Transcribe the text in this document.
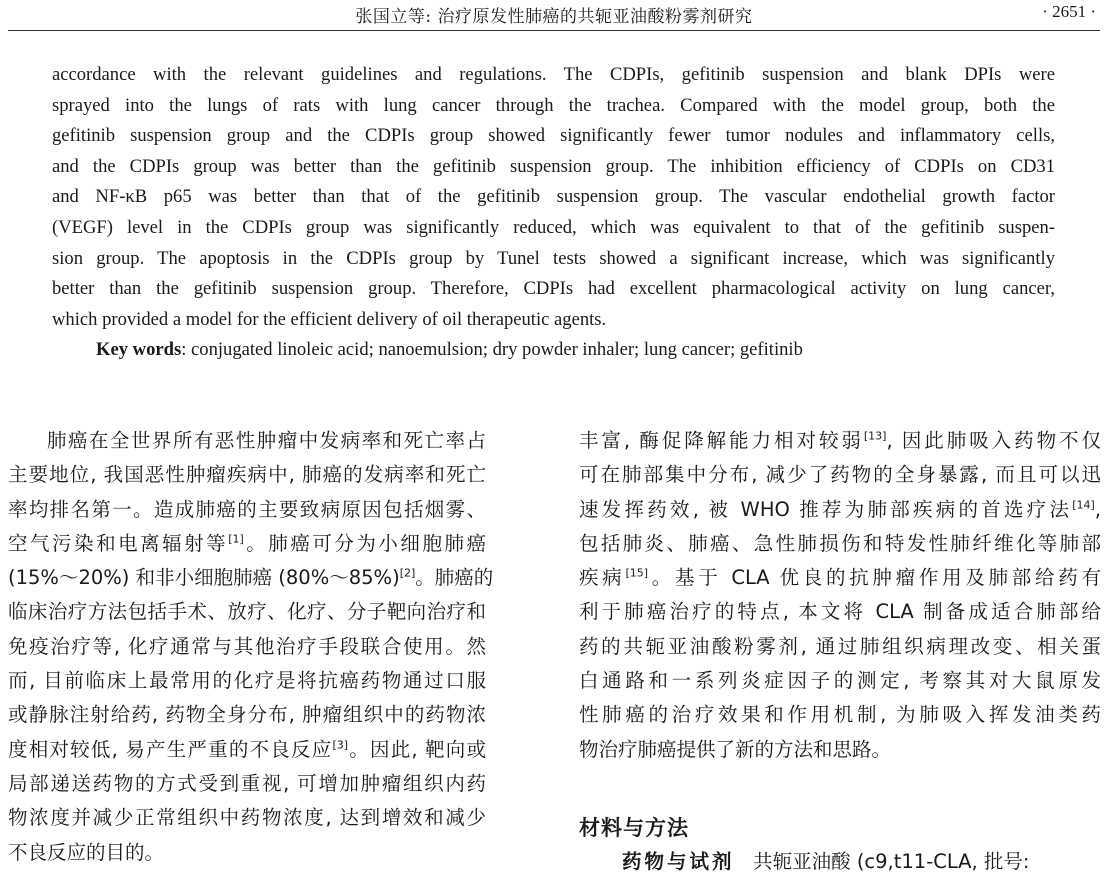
张国立等: 治疗原发性肺癌的共轭亚油酸粉雾剂研究	· 2651 ·
accordance with the relevant guidelines and regulations. The CDPIs, gefitinib suspension and blank DPIs were
sprayed into the lungs of rats with lung cancer through the trachea. Compared with the model group, both the
gefitinib suspension group and the CDPIs group showed significantly fewer tumor nodules and inflammatory cells,
and the CDPIs group was better than the gefitinib suspension group. The inhibition efficiency of CDPIs on CD31
and NF-κB p65 was better than that of the gefitinib suspension group. The vascular endothelial growth factor
(VEGF) level in the CDPIs group was significantly reduced, which was equivalent to that of the gefitinib suspen-
sion group. The apoptosis in the CDPIs group by Tunel tests showed a significant increase, which was significantly
better than the gefitinib suspension group. Therefore, CDPIs had excellent pharmacological activity on lung cancer,
which provided a model for the efficient delivery of oil therapeutic agents.
Key words: conjugated linoleic acid; nanoemulsion; dry powder inhaler; lung cancer; gefitinib
肺癌在全世界所有恶性肿瘤中发病率和死亡率占
主要地位, 我国恶性肿瘤疾病中, 肺癌的发病率和死亡
率均排名第一。造成肺癌的主要致病原因包括烟雾、
空气污染和电离辐射等[1]。肺癌可分为小细胞肺癌
(15%～20%) 和非小细胞肺癌 (80%～85%)[2]。肺癌的
临床治疗方法包括手术、放疗、化疗、分子靶向治疗和
免疫治疗等, 化疗通常与其他治疗手段联合使用。然
而, 目前临床上最常用的化疗是将抗癌药物通过口服
或静脉注射给药, 药物全身分布, 肿瘤组织中的药物浓
度相对较低, 易产生严重的不良反应[3]。因此, 靶向或
局部递送药物的方式受到重视, 可增加肿瘤组织内药
物浓度并减少正常组织中药物浓度, 达到增效和减少
不良反应的目的。
丰富, 酶促降解能力相对较弱[13], 因此肺吸入药物不仅
可在肺部集中分布, 减少了药物的全身暴露, 而且可以迅
速发挥药效, 被 WHO 推荐为肺部疾病的首选疗法[14],
包括肺炎、肺癌、急性肺损伤和特发性肺纤维化等肺部
疾病[15]。基于 CLA 优良的抗肿瘤作用及肺部给药有
利于肺癌治疗的特点, 本文将 CLA 制备成适合肺部给
药的共轭亚油酸粉雾剂, 通过肺组织病理改变、相关蛋
白通路和一系列炎症因子的测定, 考察其对大鼠原发
性肺癌的治疗效果和作用机制, 为肺吸入挥发油类药
物治疗肺癌提供了新的方法和思路。
材料与方法
药物与试剂 共轭亚油酸 (c9,t11-CLA, 批号:
